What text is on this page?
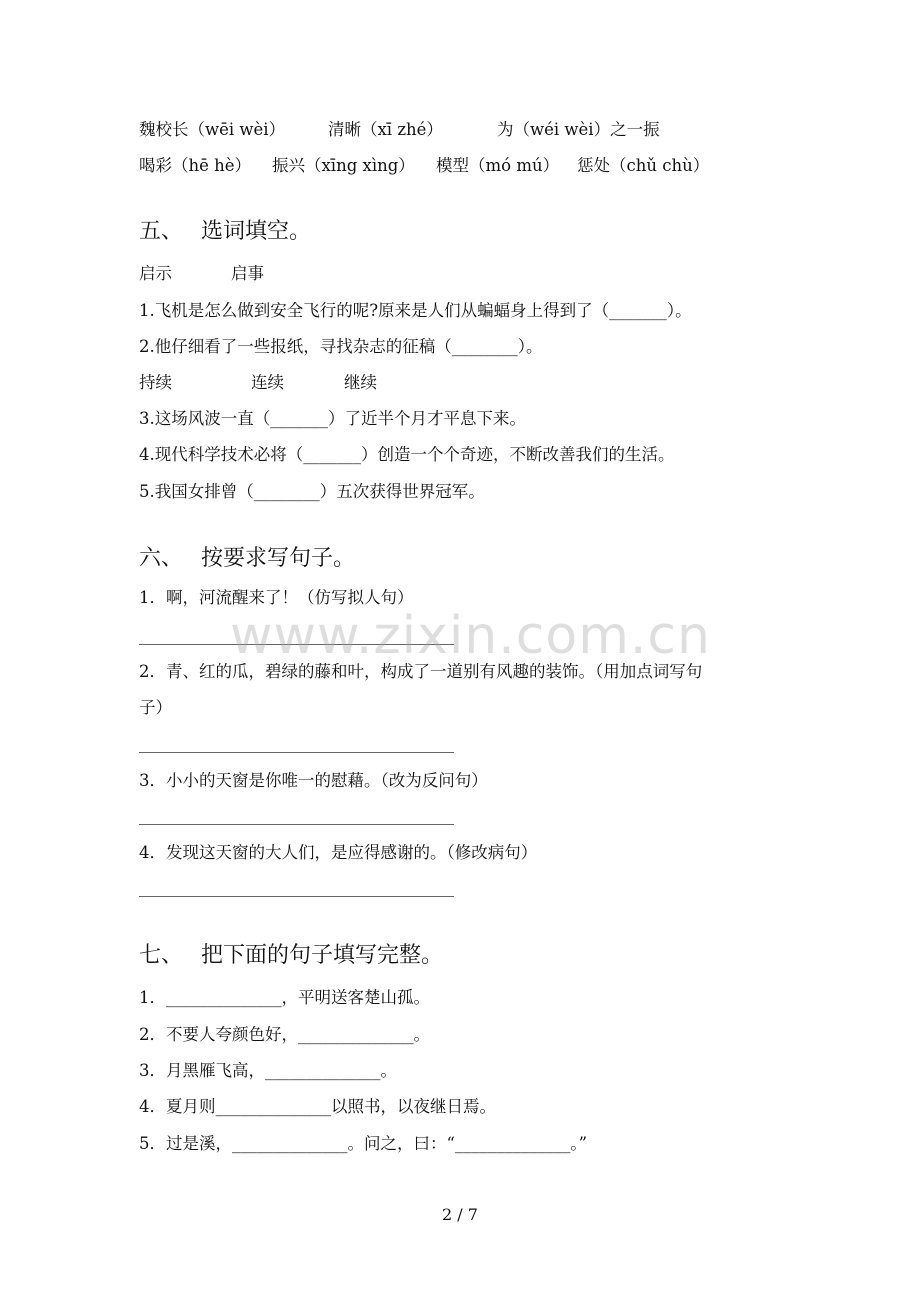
魏校长（wēi wèi）	清晰（xī zhé）	为（wéi wèi）之一振
喝彩（hē hè） 振兴（xīng xìng） 模型（mó mú） 惩处（chǔ chù）
五、 选词填空。
启示	启事
1.飞机是怎么做到安全飞行的呢?原来是人们从蝙蝠身上得到了（_______）。
2.他仔细看了一些报纸，寻找杂志的征稿（________）。
持续	连续	继续
3.这场风波一直（_______）了近半个月才平息下来。
4.现代科学技术必将（_______）创造一个个奇迹，不断改善我们的生活。
5.我国女排曾（________）五次获得世界冠军。
六、 按要求写句子。
1．啊，河流醒来了！（仿写拟人句）
2．青、红的瓜，碧绿的藤和叶，构成了一道别有风趣的装饰。（用加点词写句
子）
3．小小的天窗是你唯一的慰藉。（改为反问句）
4．发现这天窗的大人们，是应得感谢的。（修改病句）
七、 把下面的句子填写完整。
1．______________，平明送客楚山孤。
2．不要人夸颜色好，______________。
3．月黑雁飞高，______________。
4．夏月则______________以照书，以夜继日焉。
5．过是溪，______________。问之，曰：“______________。”
www.zixin.com.cn
2 / 7
